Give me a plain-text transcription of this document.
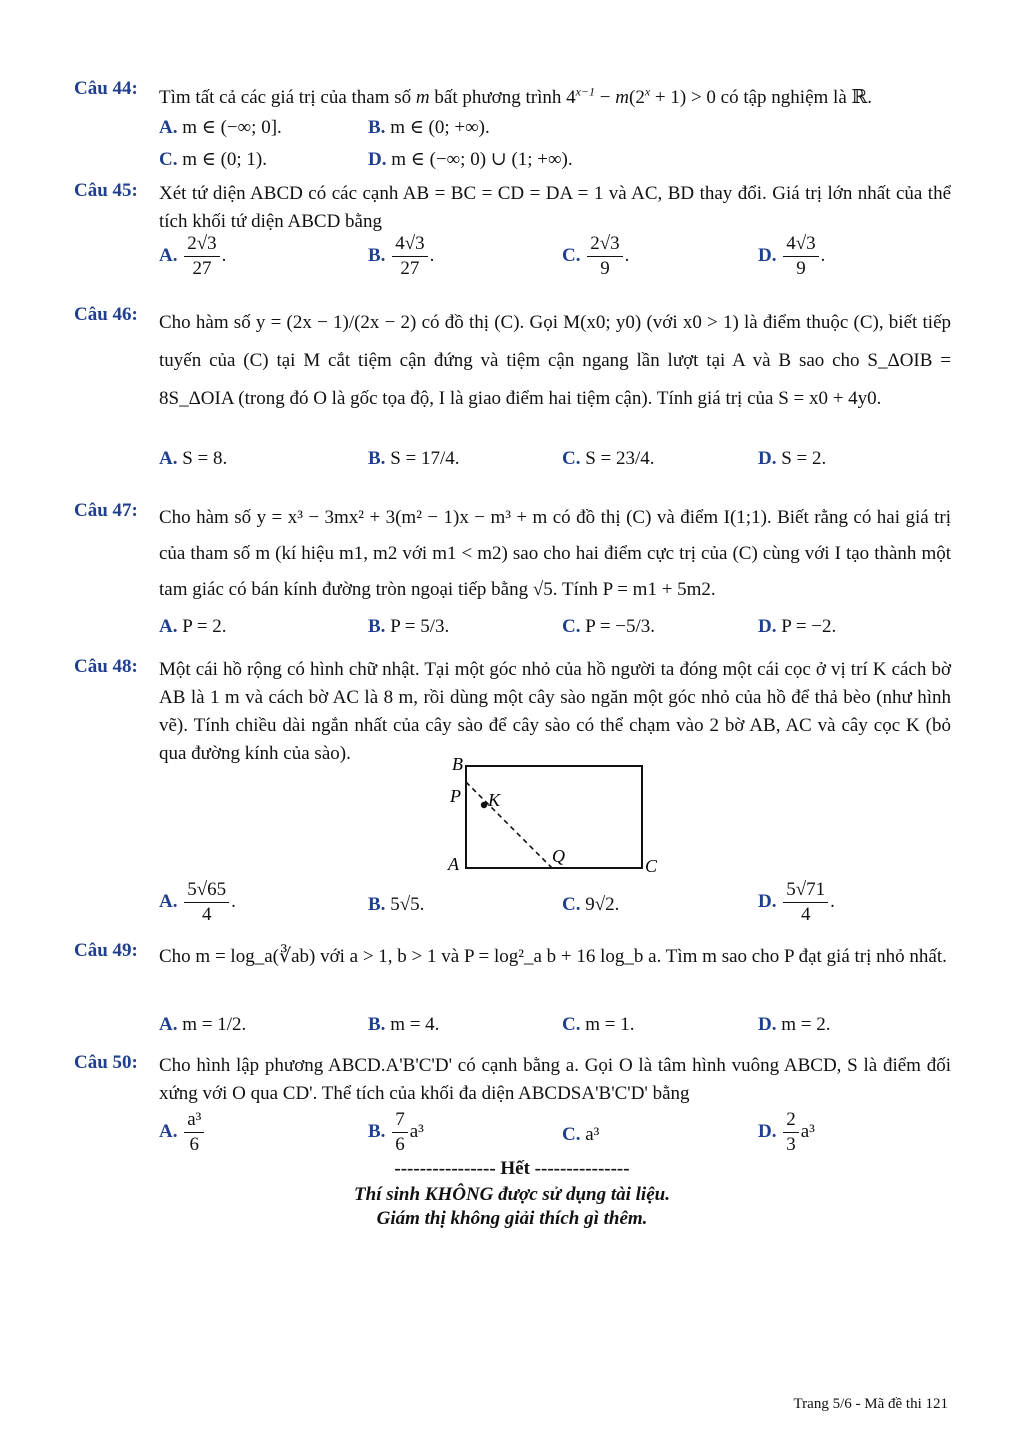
Câu 44: Tìm tất cả các giá trị của tham số m bất phương trình $4^{x-1} - m(2^x + 1) > 0$ có tập nghiệm là ℝ.
A. m ∈ (−∞; 0].	B. m ∈ (0; +∞).
C. m ∈ (0; 1).	D. m ∈ (−∞; 0) ∪ (1; +∞).
Câu 45: Xét tứ diện ABCD có các cạnh AB = BC = CD = DA = 1 và AC, BD thay đổi. Giá trị lớn nhất của thể tích khối tứ diện ABCD bằng
A. $\frac{2√3}{27}$ .	B. $\frac{4√3}{27}$ .	C. $\frac{2√3}{9}$ .	D. $\frac{4√3}{9}$ .
Câu 46: Cho hàm số y = (2x − 1)/(2x − 2) có đồ thị (C). Gọi M(x0; y0) (với x0 > 1) là điểm thuộc (C), biết tiếp tuyến của (C) tại M cắt tiệm cận đứng và tiệm cận ngang lần lượt tại A và B sao cho S_ΔOIB = 8S_ΔOIA (trong đó O là gốc tọa độ, I là giao điểm hai tiệm cận). Tính giá trị của S = x0 + 4y0.
A. S = 8.	B. S = 17/4.	C. S = 23/4.	D. S = 2.
Câu 47: Cho hàm số y = x³ − 3mx² + 3(m² − 1)x − m³ + m có đồ thị (C) và điểm I(1;1). Biết rằng có hai giá trị của tham số m (kí hiệu m1, m2 với m1 < m2) sao cho hai điểm cực trị của (C) cùng với I tạo thành một tam giác có bán kính đường tròn ngoại tiếp bằng √5. Tính P = m1 + 5m2.
A. P = 2.	B. P = 5/3.	C. P = −5/3.	D. P = −2.
Câu 48: Một cái hồ rộng có hình chữ nhật. Tại một góc nhỏ của hồ người ta đóng một cái cọc ở vị trí K cách bờ AB là 1 m và cách bờ AC là 8 m, rồi dùng một cây sào ngăn một góc nhỏ của hồ để thả bèo (như hình vẽ). Tính chiều dài ngắn nhất của cây sào để cây sào có thể chạm vào 2 bờ AB, AC và cây cọc K (bỏ qua đường kính của sào).	B
P K
A	Q	C
A. $\frac{5√65}{4}$ .	B. 5√5.	C. 9√2.	D. $\frac{5√71}{4}$ .
Câu 49: Cho m = log_a(∛ab) với a > 1, b > 1 và P = log²_a b + 16 log_b a. Tìm m sao cho P đạt giá trị nhỏ nhất.
A. m = 1/2.	B. m = 4.	C. m = 1.	D. m = 2.
Câu 50: Cho hình lập phương ABCD.A'B'C'D' có cạnh bằng a. Gọi O là tâm hình vuông ABCD, S là điểm đối xứng với O qua CD'. Thể tích của khối đa diện ABCDSA'B'C'D' bằng
A. $\frac{\text{a³}}{6}$	B. $\frac{7}{6} a^3$	C. a³	D. $\frac{2}{3} a^3$
---------------- Hết ---------------
Thí sinh KHÔNG được sử dụng tài liệu.
Giám thị không giải thích gì thêm.
Trang 5/6 - Mã đề thi 121
